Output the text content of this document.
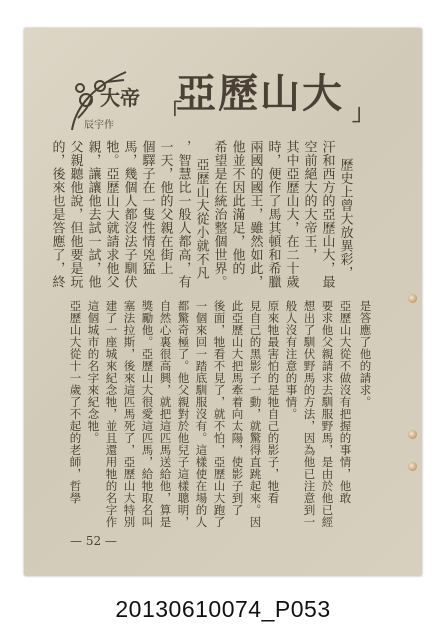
大帝
「
亞歷山大 」
辰宇作
歷史上曾大放異彩，
汗和西方的亞歷山大，最
空前絕大的大帝王，
其中亞歷山大，在二十歲
時，便作了馬其頓和希臘
兩國的國王，雖然如此，
他並不因此滿足，他的
希望是在統治整個世界。
亞歷山大從小就不凡
，智慧比一般人都高，有
一天，他的父親在街上
個驛子在一隻性情兇猛
馬，幾個人都沒法子馴伏
牠。亞歷山大就請求他父
親，讓讓他去試一試，他
父親聽他說，但他要是玩
的，後來也是答應了，終
是答應了他的請求。
亞歷山大從不做沒有把握的事情，他敢
要求他父親請求去馴服野馬，是由於他已經
想出了馴伏野馬的方法，因為他已注意到一
般人沒有注意的事情。
原來牠最害怕的是牠自己的影子，牠看
見自己的黑影子一動，就驚得直跳起來。因
此亞歷山大把馬牽着向太陽，使影子到了
後面，牠看不見了，就不怕，亞歷山大跑了
一個來回一踏底馴服沒有。這樣使在場的人
都驚奇極了。他父親對於他兒子這樣聰明，
自然心裏很高興，就把這匹馬送給他，算是
獎勵他。亞歷山大很愛這匹馬，給牠取名叫
塞法拉斯，後來這匹馬死了，亞歷山大特別
建了一座城來紀念牠，並且還用牠的名字作
這個城市的名字來紀念牠。
亞歷山大從十一歲了不起的老師，哲學
— 52 —
20130610074_P053
